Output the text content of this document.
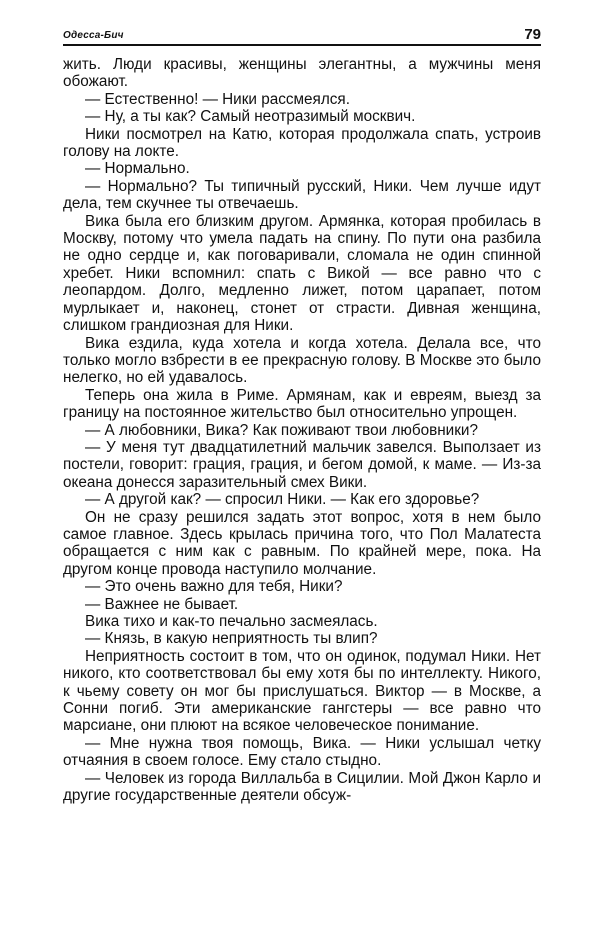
Одесса-Бич	79

жить. Люди красивы, женщины элегантны, а мужчины меня обожают.

— Естественно! — Ники рассмеялся.

— Ну, а ты как? Самый неотразимый москвич.

Ники посмотрел на Катю, которая продолжала спать, устроив голову на локте.

— Нормально.

— Нормально? Ты типичный русский, Ники. Чем лучше идут дела, тем скучнее ты отвечаешь.

Вика была его близким другом. Армянка, которая пробилась в Москву, потому что умела падать на спину. По пути она разбила не одно сердце и, как поговаривали, сломала не один спинной хребет. Ники вспомнил: спать с Викой — все равно что с леопардом. Долго, медленно лижет, потом царапает, потом мурлыкает и, наконец, стонет от страсти. Дивная женщина, слишком грандиозная для Ники.

Вика ездила, куда хотела и когда хотела. Делала все, что только могло взбрести в ее прекрасную голову. В Москве это было нелегко, но ей удавалось.

Теперь она жила в Риме. Армянам, как и евреям, выезд за границу на постоянное жительство был относительно упрощен.

— А любовники, Вика? Как поживают твои любовники?

— У меня тут двадцатилетний мальчик завелся. Выползает из постели, говорит: грация, грация, и бегом домой, к маме. — Из-за океана донесся заразительный смех Вики.

— А другой как? — спросил Ники. — Как его здоровье?

Он не сразу решился задать этот вопрос, хотя в нем было самое главное. Здесь крылась причина того, что Пол Малатеста обращается с ним как с равным. По крайней мере, пока. На другом конце провода наступило молчание.

— Это очень важно для тебя, Ники?

— Важнее не бывает.

Вика тихо и как-то печально засмеялась.

— Князь, в какую неприятность ты влип?

Неприятность состоит в том, что он одинок, подумал Ники. Нет никого, кто соответствовал бы ему хотя бы по интеллекту. Никого, к чьему совету он мог бы прислушаться. Виктор — в Москве, а Сонни погиб. Эти американские гангстеры — все равно что марсиане, они плюют на всякое человеческое понимание.

— Мне нужна твоя помощь, Вика. — Ники услышал четку отчаяния в своем голосе. Ему стало стыдно.

— Человек из города Виллальба в Сицилии. Мой Джон Карло и другие государственные деятели обсуж-
